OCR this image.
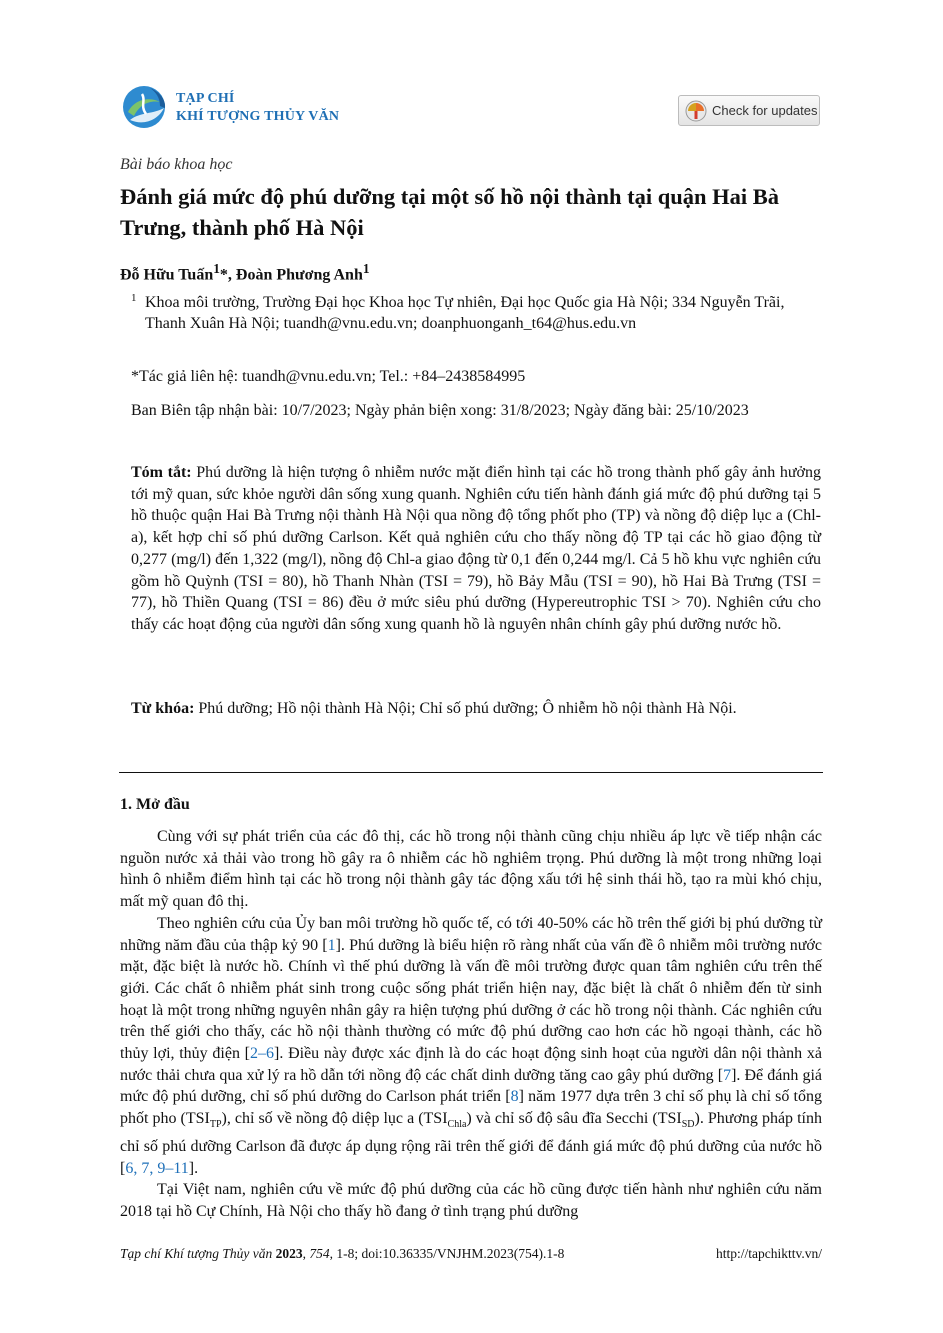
TẠP CHÍ
KHÍ TƯỢNG THỦY VĂN	Check for updates
Bài báo khoa học
Đánh giá mức độ phú dưỡng tại một số hồ nội thành tại quận Hai Bà Trưng, thành phố Hà Nội
Đỗ Hữu Tuấn$^1$*, Đoàn Phương Anh$^1$
1 Khoa môi trường, Trường Đại học Khoa học Tự nhiên, Đại học Quốc gia Hà Nội; 334 Nguyễn Trãi, Thanh Xuân Hà Nội; tuandh@vnu.edu.vn; doanphuonganh_t64@hus.edu.vn
*Tác giả liên hệ: tuandh@vnu.edu.vn; Tel.: +84–2438584995
Ban Biên tập nhận bài: 10/7/2023; Ngày phản biện xong: 31/8/2023; Ngày đăng bài: 25/10/2023
Tóm tắt: Phú dưỡng là hiện tượng ô nhiễm nước mặt điển hình tại các hồ trong thành phố gây ảnh hưởng tới mỹ quan, sức khỏe người dân sống xung quanh. Nghiên cứu tiến hành đánh giá mức độ phú dưỡng tại 5 hồ thuộc quận Hai Bà Trưng nội thành Hà Nội qua nồng độ tổng phốt pho (TP) và nồng độ diệp lục a (Chl-a), kết hợp chỉ số phú dưỡng Carlson. Kết quả nghiên cứu cho thấy nồng độ TP tại các hồ giao động từ 0,277 (mg/l) đến 1,322 (mg/l), nồng độ Chl-a giao động từ 0,1 đến 0,244 mg/l. Cả 5 hồ khu vực nghiên cứu gồm hồ Quỳnh (TSI = 80), hồ Thanh Nhàn (TSI = 79), hồ Bảy Mẫu (TSI = 90), hồ Hai Bà Trưng (TSI = 77), hồ Thiền Quang (TSI = 86) đều ở mức siêu phú dưỡng (Hypereutrophic TSI > 70). Nghiên cứu cho thấy các hoạt động của người dân sống xung quanh hồ là nguyên nhân chính gây phú dưỡng nước hồ.
Từ khóa: Phú dưỡng; Hồ nội thành Hà Nội; Chỉ số phú dưỡng; Ô nhiễm hồ nội thành Hà Nội.
1. Mở đầu

Cùng với sự phát triển của các đô thị, các hồ trong nội thành cũng chịu nhiều áp lực về tiếp nhận các nguồn nước xả thải vào trong hồ gây ra ô nhiễm các hồ nghiêm trọng. Phú dưỡng là một trong những loại hình ô nhiễm điểm hình tại các hồ trong nội thành gây tác động xấu tới hệ sinh thái hồ, tạo ra mùi khó chịu, mất mỹ quan đô thị.

Theo nghiên cứu của Ủy ban môi trường hồ quốc tế, có tới 40-50% các hồ trên thế giới bị phú dưỡng từ những năm đầu của thập kỷ 90 [1]. Phú dưỡng là biểu hiện rõ ràng nhất của vấn đề ô nhiễm môi trường nước mặt, đặc biệt là nước hồ. Chính vì thế phú dưỡng là vấn đề môi trường được quan tâm nghiên cứu trên thế giới. Các chất ô nhiễm phát sinh trong cuộc sống phát triển hiện nay, đặc biệt là chất ô nhiễm đến từ sinh hoạt là một trong những nguyên nhân gây ra hiện tượng phú dưỡng ở các hồ trong nội thành. Các nghiên cứu trên thế giới cho thấy, các hồ nội thành thường có mức độ phú dưỡng cao hơn các hồ ngoại thành, các hồ thủy lợi, thủy điện [2–6]. Điều này được xác định là do các hoạt động sinh hoạt của người dân nội thành xả nước thải chưa qua xử lý ra hồ dẫn tới nồng độ các chất dinh dưỡng tăng cao gây phú dưỡng [7]. Để đánh giá mức độ phú dưỡng, chỉ số phú dưỡng do Carlson phát triển [8] năm 1977 dựa trên 3 chỉ số phụ là chỉ số tổng phốt pho $(TSI_{TP})$, chỉ số về nồng độ diệp lục a $(TSI_{Chla})$ và chỉ số độ sâu đĩa Secchi $(TSI_{SD})$. Phương pháp tính chỉ số phú dưỡng Carlson đã được áp dụng rộng rãi trên thế giới để đánh giá mức độ phú dưỡng của nước hồ [6, 7, 9–11].

Tại Việt nam, nghiên cứu về mức độ phú dưỡng của các hồ cũng được tiến hành như nghiên cứu năm 2018 tại hồ Cự Chính, Hà Nội cho thấy hồ đang ở tình trạng phú dưỡng

Tạp chí Khí tượng Thủy văn 2023, 754, 1-8; doi:10.36335/VNJHM.2023(754).1-8	http://tapchikttv.vn/
